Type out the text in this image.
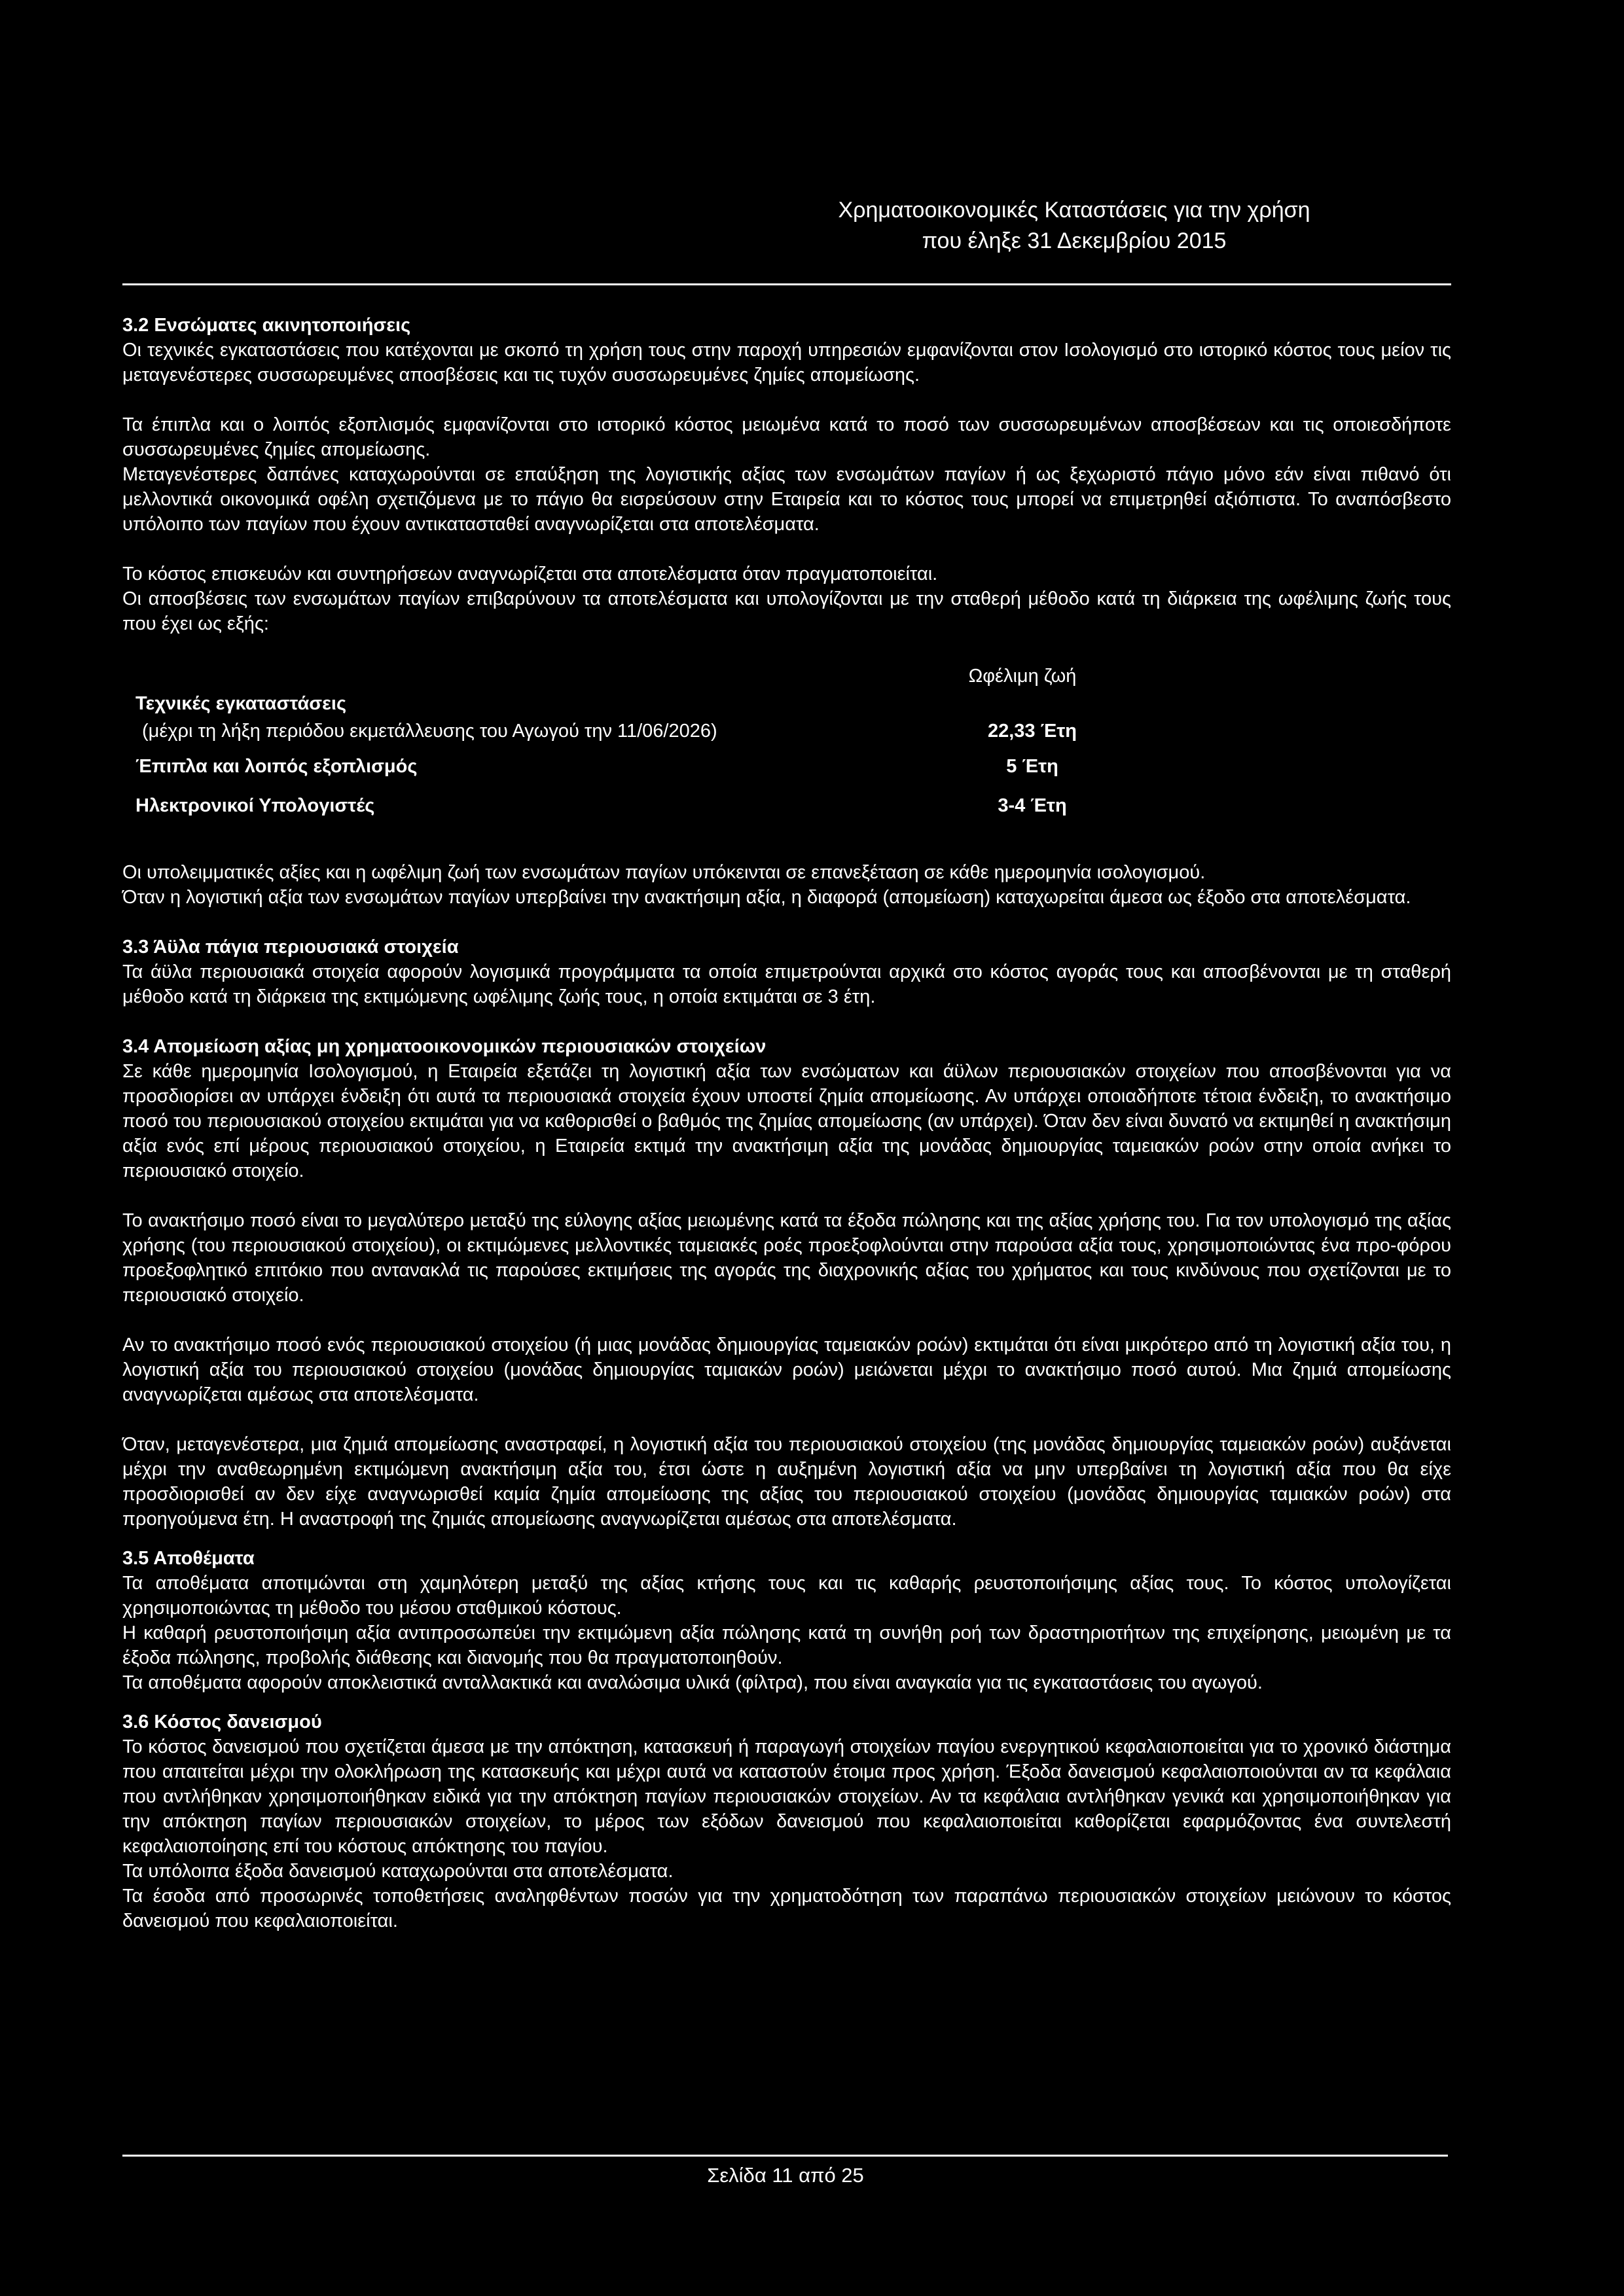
Χρηματοοικονομικές Καταστάσεις για την χρήση
που έληξε 31 Δεκεμβρίου 2015
3.2 Ενσώματες ακινητοποιήσεις

Οι τεχνικές εγκαταστάσεις που κατέχονται με σκοπό τη χρήση τους στην παροχή υπηρεσιών εμφανίζονται στον Ισολογισμό στο ιστορικό κόστος τους μείον τις μεταγενέστερες συσσωρευμένες αποσβέσεις και τις τυχόν συσσωρευμένες ζημίες απομείωσης.

Τα έπιπλα και ο λοιπός εξοπλισμός εμφανίζονται στο ιστορικό κόστος μειωμένα κατά το ποσό των συσσωρευμένων αποσβέσεων και τις οποιεσδήποτε συσσωρευμένες ζημίες απομείωσης.

Μεταγενέστερες δαπάνες καταχωρούνται σε επαύξηση της λογιστικής αξίας των ενσωμάτων παγίων ή ως ξεχωριστό πάγιο μόνο εάν είναι πιθανό ότι μελλοντικά οικονομικά οφέλη σχετιζόμενα με το πάγιο θα εισρεύσουν στην Εταιρεία και το κόστος τους μπορεί να επιμετρηθεί αξιόπιστα. Το αναπόσβεστο υπόλοιπο των παγίων που έχουν αντικατασταθεί αναγνωρίζεται στα αποτελέσματα.

Το κόστος επισκευών και συντηρήσεων αναγνωρίζεται στα αποτελέσματα όταν πραγματοποιείται.

Οι αποσβέσεις των ενσωμάτων παγίων επιβαρύνουν τα αποτελέσματα και υπολογίζονται με την σταθερή μέθοδο κατά τη διάρκεια της ωφέλιμης ζωής τους που έχει ως εξής:

Ωφέλιμη ζωή
Τεχνικές εγκαταστάσεις
(μέχρι τη λήξη περιόδου εκμετάλλευσης του Αγωγού την 11/06/2026)	22,33 Έτη
Έπιπλα και λοιπός εξοπλισμός	5 Έτη
Ηλεκτρονικοί Υπολογιστές	3-4 Έτη

Οι υπολειμματικές αξίες και η ωφέλιμη ζωή των ενσωμάτων παγίων υπόκεινται σε επανεξέταση σε κάθε ημερομηνία ισολογισμού.

Όταν η λογιστική αξία των ενσωμάτων παγίων υπερβαίνει την ανακτήσιμη αξία, η διαφορά (απομείωση) καταχωρείται άμεσα ως έξοδο στα αποτελέσματα.

3.3 Άϋλα πάγια περιουσιακά στοιχεία

Τα άϋλα περιουσιακά στοιχεία αφορούν λογισμικά προγράμματα τα οποία επιμετρούνται αρχικά στο κόστος αγοράς τους και αποσβένονται με τη σταθερή μέθοδο κατά τη διάρκεια της εκτιμώμενης ωφέλιμης ζωής τους, η οποία εκτιμάται σε 3 έτη.

3.4 Απομείωση αξίας μη χρηματοοικονομικών περιουσιακών στοιχείων

Σε κάθε ημερομηνία Ισολογισμού, η Εταιρεία εξετάζει τη λογιστική αξία των ενσώματων και άϋλων περιουσιακών στοιχείων που αποσβένονται για να προσδιορίσει αν υπάρχει ένδειξη ότι αυτά τα περιουσιακά στοιχεία έχουν υποστεί ζημία απομείωσης. Αν υπάρχει οποιαδήποτε τέτοια ένδειξη, το ανακτήσιμο ποσό του περιουσιακού στοιχείου εκτιμάται για να καθορισθεί ο βαθμός της ζημίας απομείωσης (αν υπάρχει). Όταν δεν είναι δυνατό να εκτιμηθεί η ανακτήσιμη αξία ενός επί μέρους περιουσιακού στοιχείου, η Εταιρεία εκτιμά την ανακτήσιμη αξία της μονάδας δημιουργίας ταμειακών ροών στην οποία ανήκει το περιουσιακό στοιχείο.

Το ανακτήσιμο ποσό είναι το μεγαλύτερο μεταξύ της εύλογης αξίας μειωμένης κατά τα έξοδα πώλησης και της αξίας χρήσης του. Για τον υπολογισμό της αξίας χρήσης (του περιουσιακού στοιχείου), οι εκτιμώμενες μελλοντικές ταμειακές ροές προεξοφλούνται στην παρούσα αξία τους, χρησιμοποιώντας ένα προ-φόρου προεξοφλητικό επιτόκιο που αντανακλά τις παρούσες εκτιμήσεις της αγοράς της διαχρονικής αξίας του χρήματος και τους κινδύνους που σχετίζονται με το περιουσιακό στοιχείο.

Αν το ανακτήσιμο ποσό ενός περιουσιακού στοιχείου (ή μιας μονάδας δημιουργίας ταμειακών ροών) εκτιμάται ότι είναι μικρότερο από τη λογιστική αξία του, η λογιστική αξία του περιουσιακού στοιχείου (μονάδας δημιουργίας ταμιακών ροών) μειώνεται μέχρι το ανακτήσιμο ποσό αυτού. Μια ζημιά απομείωσης αναγνωρίζεται αμέσως στα αποτελέσματα.

Όταν, μεταγενέστερα, μια ζημιά απομείωσης αναστραφεί, η λογιστική αξία του περιουσιακού στοιχείου (της μονάδας δημιουργίας ταμειακών ροών) αυξάνεται μέχρι την αναθεωρημένη εκτιμώμενη ανακτήσιμη αξία του, έτσι ώστε η αυξημένη λογιστική αξία να μην υπερβαίνει τη λογιστική αξία που θα είχε προσδιορισθεί αν δεν είχε αναγνωρισθεί καμία ζημία απομείωσης της αξίας του περιουσιακού στοιχείου (μονάδας δημιουργίας ταμιακών ροών) στα προηγούμενα έτη. Η αναστροφή της ζημιάς απομείωσης αναγνωρίζεται αμέσως στα αποτελέσματα.

3.5 Αποθέματα

Τα αποθέματα αποτιμώνται στη χαμηλότερη μεταξύ της αξίας κτήσης τους και τις καθαρής ρευστοποιήσιμης αξίας τους. Το κόστος υπολογίζεται χρησιμοποιώντας τη μέθοδο του μέσου σταθμικού κόστους.

Η καθαρή ρευστοποιήσιμη αξία αντιπροσωπεύει την εκτιμώμενη αξία πώλησης κατά τη συνήθη ροή των δραστηριοτήτων της επιχείρησης, μειωμένη με τα έξοδα πώλησης, προβολής διάθεσης και διανομής που θα πραγματοποιηθούν.

Τα αποθέματα αφορούν αποκλειστικά ανταλλακτικά και αναλώσιμα υλικά (φίλτρα), που είναι αναγκαία για τις εγκαταστάσεις του αγωγού.

3.6 Κόστος δανεισμού

Το κόστος δανεισμού που σχετίζεται άμεσα με την απόκτηση, κατασκευή ή παραγωγή στοιχείων παγίου ενεργητικού κεφαλαιοποιείται για το χρονικό διάστημα που απαιτείται μέχρι την ολοκλήρωση της κατασκευής και μέχρι αυτά να καταστούν έτοιμα προς χρήση. Έξοδα δανεισμού κεφαλαιοποιούνται αν τα κεφάλαια που αντλήθηκαν χρησιμοποιήθηκαν ειδικά για την απόκτηση παγίων περιουσιακών στοιχείων. Αν τα κεφάλαια αντλήθηκαν γενικά και χρησιμοποιήθηκαν για την απόκτηση παγίων περιουσιακών στοιχείων, το μέρος των εξόδων δανεισμού που κεφαλαιοποιείται καθορίζεται εφαρμόζοντας ένα συντελεστή κεφαλαιοποίησης επί του κόστους απόκτησης του παγίου.

Τα υπόλοιπα έξοδα δανεισμού καταχωρούνται στα αποτελέσματα.

Τα έσοδα από προσωρινές τοποθετήσεις αναληφθέντων ποσών για την χρηματοδότηση των παραπάνω περιουσιακών στοιχείων μειώνουν το κόστος δανεισμού που κεφαλαιοποιείται.

Σελίδα 11 από 25
